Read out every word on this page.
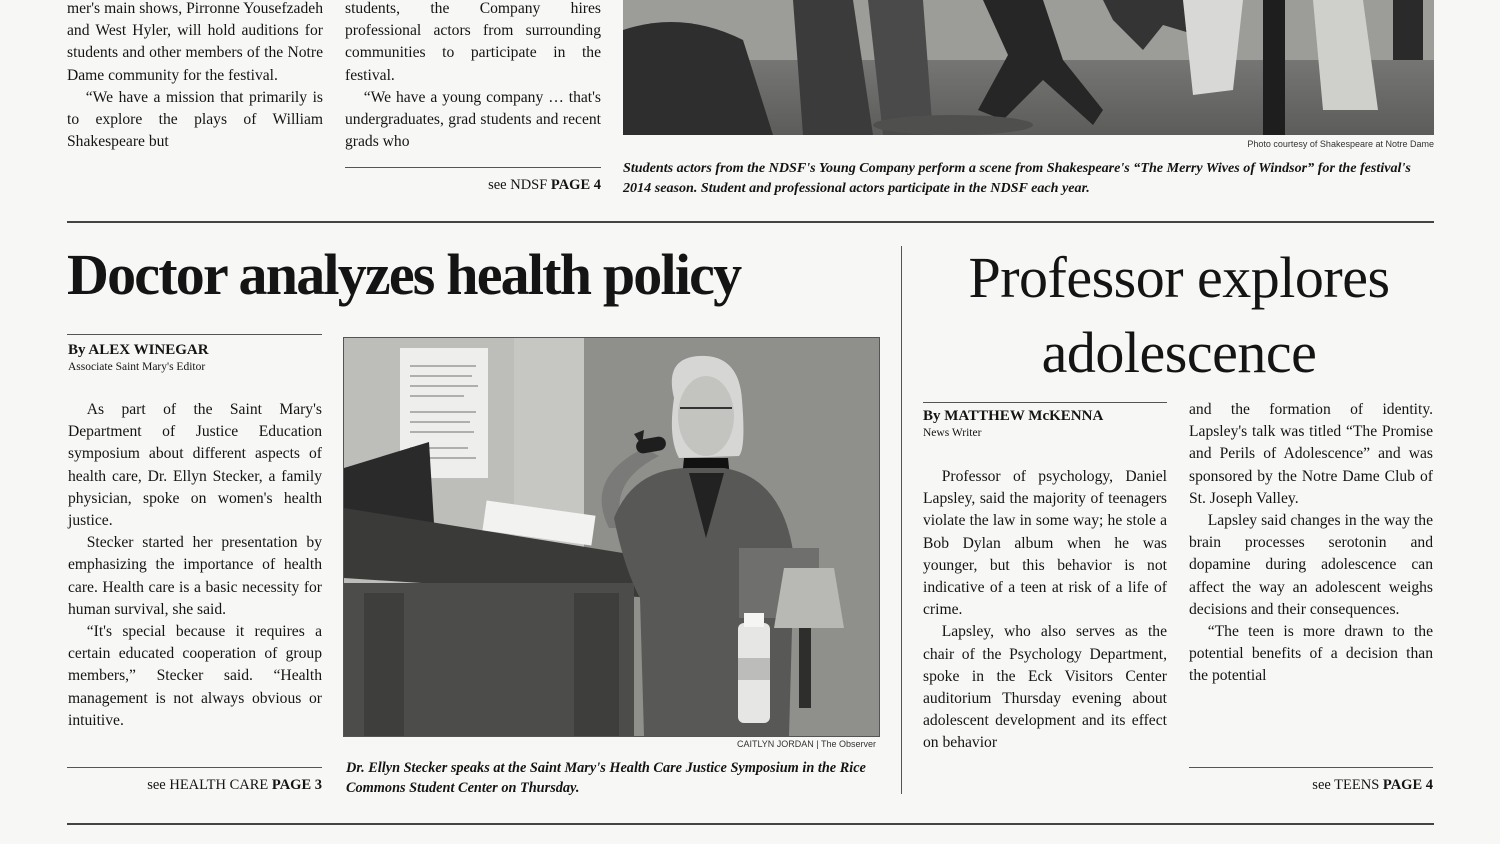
mer's main shows, Pirronne Yousefzadeh and West Hyler, will hold auditions for students and other members of the Notre Dame community for the festival.

“We have a mission that primarily is to explore the plays of William Shakespeare but

students, the Company hires professional actors from surrounding communities to participate in the festival.

“We have a young company … that's undergraduates, grad students and recent grads who

see NDSF PAGE 4
Photo courtesy of Shakespeare at Notre Dame
Students actors from the NDSF's Young Company perform a scene from Shakespeare's “The Merry Wives of Windsor” for the festival's 2014 season. Student and professional actors participate in the NDSF each year.
Doctor analyzes health policy
By ALEX WINEGAR
Associate Saint Mary's Editor

As part of the Saint Mary's Department of Justice Education symposium about different aspects of health care, Dr. Ellyn Stecker, a family physician, spoke on women's health justice.

Stecker started her presentation by emphasizing the importance of health care. Health care is a basic necessity for human survival, she said.

“It's special because it requires a certain educated cooperation of group members,” Stecker said. “Health management is not always obvious or intuitive.

see HEALTH CARE PAGE 3
CAITLYN JORDAN | The Observer
Dr. Ellyn Stecker speaks at the Saint Mary's Health Care Justice Symposium in the Rice Commons Student Center on Thursday.
Professor explores
adolescence
By MATTHEW McKENNA
News Writer

Professor of psychology, Daniel Lapsley, said the majority of teenagers violate the law in some way; he stole a Bob Dylan album when he was younger, but this behavior is not indicative of a teen at risk of a life of crime.

Lapsley, who also serves as the chair of the Psychology Department, spoke in the Eck Visitors Center auditorium Thursday evening about adolescent development and its effect on behavior

and the formation of identity. Lapsley's talk was titled “The Promise and Perils of Adolescence” and was sponsored by the Notre Dame Club of St. Joseph Valley.

Lapsley said changes in the way the brain processes serotonin and dopamine during adolescence can affect the way an adolescent weighs decisions and their consequences.

“The teen is more drawn to the potential benefits of a decision than the potential

see TEENS PAGE 4
